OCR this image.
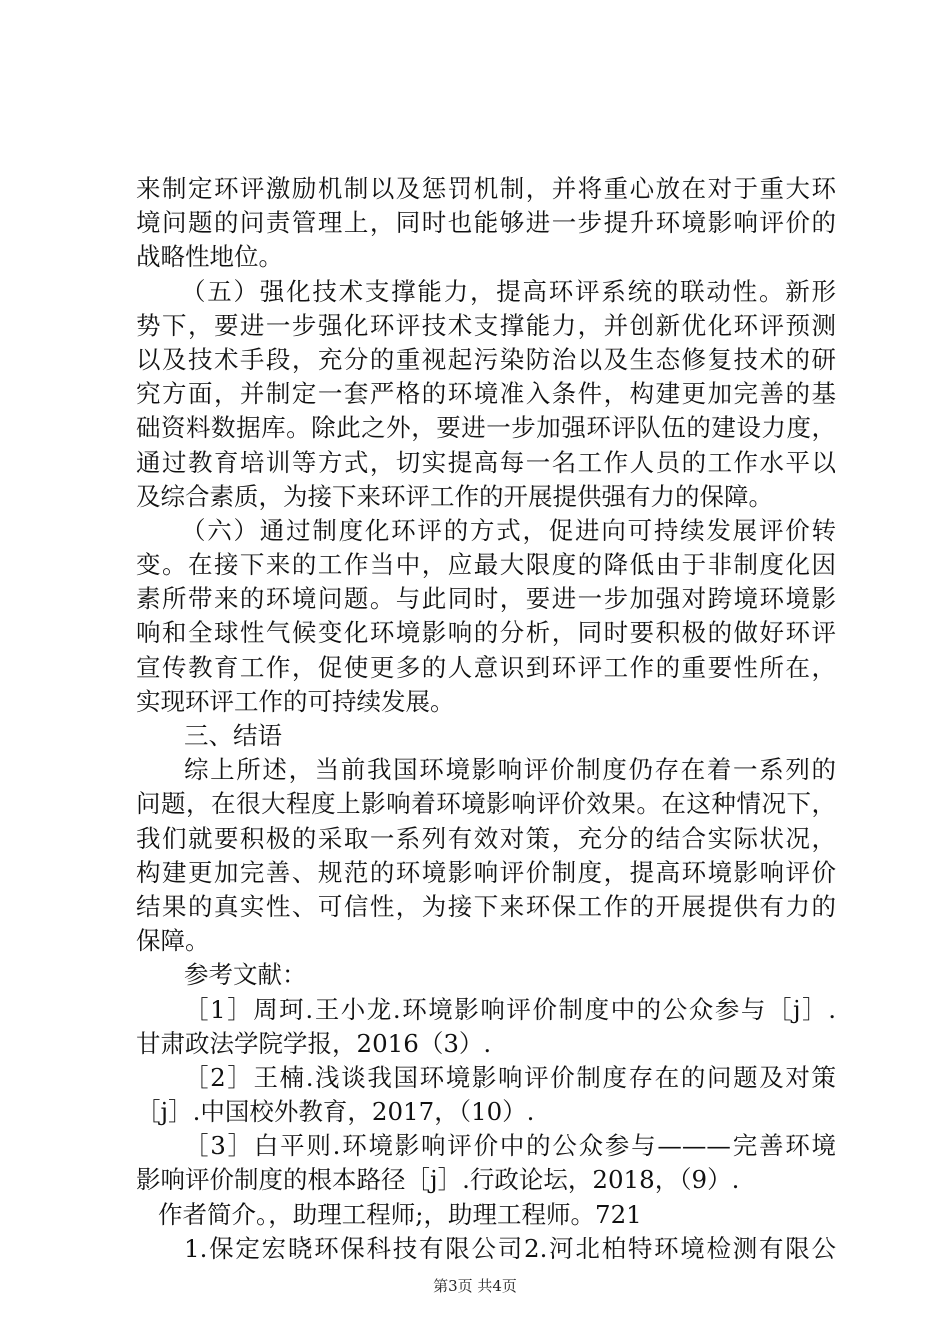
来制定环评激励机制以及惩罚机制，并将重心放在对于重大环
境问题的问责管理上，同时也能够进一步提升环境影响评价的
战略性地位。
（五）强化技术支撑能力，提高环评系统的联动性。新形
势下，要进一步强化环评技术支撑能力，并创新优化环评预测
以及技术手段，充分的重视起污染防治以及生态修复技术的研
究方面，并制定一套严格的环境准入条件，构建更加完善的基
础资料数据库。除此之外，要进一步加强环评队伍的建设力度，
通过教育培训等方式，切实提高每一名工作人员的工作水平以
及综合素质，为接下来环评工作的开展提供强有力的保障。
（六）通过制度化环评的方式，促进向可持续发展评价转
变。在接下来的工作当中，应最大限度的降低由于非制度化因
素所带来的环境问题。与此同时，要进一步加强对跨境环境影
响和全球性气候变化环境影响的分析，同时要积极的做好环评
宣传教育工作，促使更多的人意识到环评工作的重要性所在，
实现环评工作的可持续发展。
三、结语
综上所述，当前我国环境影响评价制度仍存在着一系列的
问题，在很大程度上影响着环境影响评价效果。在这种情况下，
我们就要积极的采取一系列有效对策，充分的结合实际状况，
构建更加完善、规范的环境影响评价制度，提高环境影响评价
结果的真实性、可信性，为接下来环保工作的开展提供有力的
保障。
参考文献：
［1］周珂.王小龙.环境影响评价制度中的公众参与［j］.
甘肃政法学院学报，2016（3）.
［2］王楠.浅谈我国环境影响评价制度存在的问题及对策
［j］.中国校外教育，2017，（10）.
［3］白平则.环境影响评价中的公众参与———完善环境
影响评价制度的根本路径［j］.行政论坛，2018，（9）.
作者简介。，助理工程师;，助理工程师。721
1.保定宏晓环保科技有限公司2.河北柏特环境检测有限公
第3页 共4页
